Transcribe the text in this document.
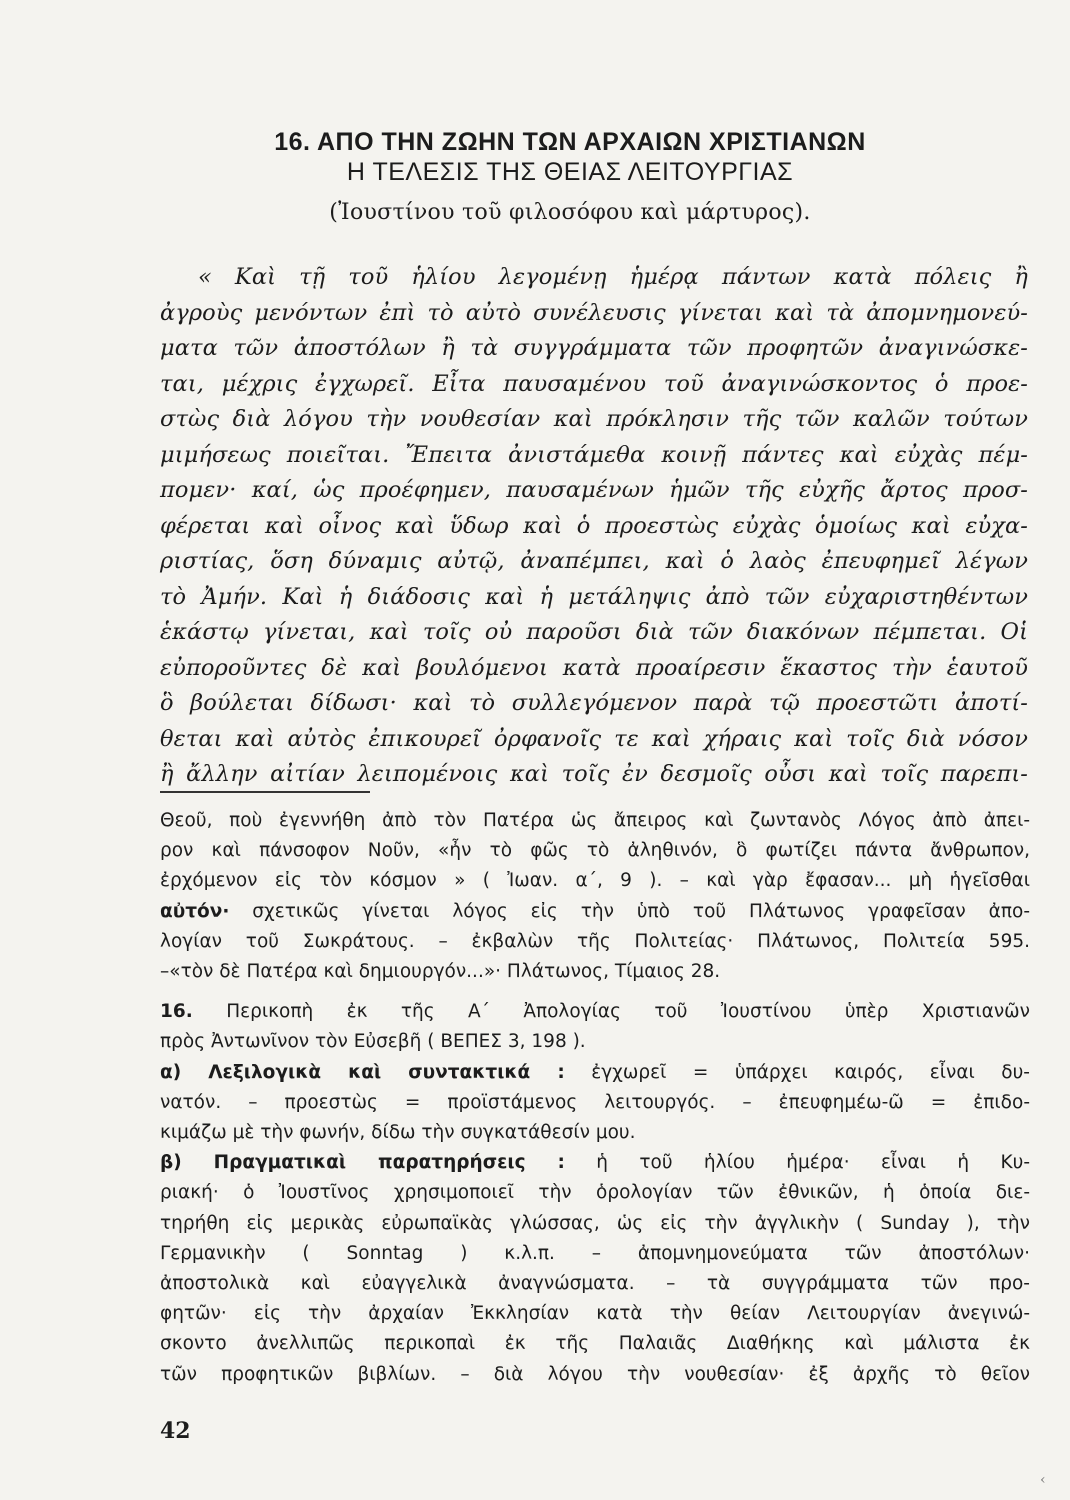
16. ΑΠΟ ΤΗΝ ΖΩΗΝ ΤΩΝ ΑΡΧΑΙΩΝ ΧΡΙΣΤΙΑΝΩΝ
Η ΤΕΛΕΣΙΣ ΤΗΣ ΘΕΙΑΣ ΛΕΙΤΟΥΡΓΙΑΣ
(Ἰουστίνου τοῦ φιλοσόφου καὶ μάρτυρος).
« Καὶ τῇ τοῦ ἡλίου λεγομένῃ ἡμέρᾳ πάντων κατὰ πόλεις ἢ
ἀγροὺς μενόντων ἐπὶ τὸ αὐτὸ συνέλευσις γίνεται καὶ τὰ ἀπομνημονεύ-
ματα τῶν ἀποστόλων ἢ τὰ συγγράμματα τῶν προφητῶν ἀναγινώσκε-
ται, μέχρις ἐγχωρεῖ. Εἶτα παυσαμένου τοῦ ἀναγινώσκοντος ὁ προε-
στὼς διὰ λόγου τὴν νουθεσίαν καὶ πρόκλησιν τῆς τῶν καλῶν τούτων
μιμήσεως ποιεῖται. Ἔπειτα ἀνιστάμεθα κοινῇ πάντες καὶ εὐχὰς πέμ-
πομεν· καί, ὡς προέφημεν, παυσαμένων ἡμῶν τῆς εὐχῆς ἄρτος προσ-
φέρεται καὶ οἶνος καὶ ὕδωρ καὶ ὁ προεστὼς εὐχὰς ὁμοίως καὶ εὐχα-
ριστίας, ὅση δύναμις αὐτῷ, ἀναπέμπει, καὶ ὁ λαὸς ἐπευφημεῖ λέγων
τὸ Ἀμήν. Καὶ ἡ διάδοσις καὶ ἡ μετάληψις ἀπὸ τῶν εὐχαριστηθέντων
ἑκάστῳ γίνεται, καὶ τοῖς οὐ παροῦσι διὰ τῶν διακόνων πέμπεται. Οἱ
εὐποροῦντες δὲ καὶ βουλόμενοι κατὰ προαίρεσιν ἕκαστος τὴν ἑαυτοῦ
ὃ βούλεται δίδωσι· καὶ τὸ συλλεγόμενον παρὰ τῷ προεστῶτι ἀποτί-
θεται καὶ αὐτὸς ἐπικουρεῖ ὀρφανοῖς τε καὶ χήραις καὶ τοῖς διὰ νόσον
ἢ ἄλλην αἰτίαν λειπομένοις καὶ τοῖς ἐν δεσμοῖς οὖσι καὶ τοῖς παρεπι-
Θεοῦ, ποὺ ἐγεννήθη ἀπὸ τὸν Πατέρα ὡς ἄπειρος καὶ ζωντανὸς Λόγος ἀπὸ ἀπει-
ρον καὶ πάνσοφον Νοῦν, «ἦν τὸ φῶς τὸ ἀληθινόν, ὃ φωτίζει πάντα ἄνθρωπον,
ἐρχόμενον εἰς τὸν κόσμον » ( Ἰωαν. α΄, 9 ). – καὶ γὰρ ἔφασαν... μὴ ἡγεῖσθαι
αὐτόν· σχετικῶς γίνεται λόγος εἰς τὴν ὑπὸ τοῦ Πλάτωνος γραφεῖσαν ἀπο-
λογίαν τοῦ Σωκράτους. – ἐκβαλὼν τῆς Πολιτείας· Πλάτωνος, Πολιτεία 595.
–«τὸν δὲ Πατέρα καὶ δημιουργόν...»· Πλάτωνος, Τίμαιος 28.
16. Περικοπὴ ἐκ τῆς Α΄ Ἀπολογίας τοῦ Ἰουστίνου ὑπὲρ Χριστιανῶν
πρὸς Ἀντωνῖνον τὸν Εὐσεβῆ ( ΒΕΠΕΣ 3, 198 ).
α) Λεξιλογικὰ καὶ συντακτικά : ἐγχωρεῖ = ὑπάρχει καιρός, εἶναι δυ-
νατόν. – προεστὼς = προϊστάμενος λειτουργός. – ἐπευφημέω-ῶ = ἐπιδο-
κιμάζω μὲ τὴν φωνήν, δίδω τὴν συγκατάθεσίν μου.
β) Πραγματικαὶ παρατηρήσεις : ἡ τοῦ ἡλίου ἡμέρα· εἶναι ἡ Κυ-
ριακή· ὁ Ἰουστῖνος χρησιμοποιεῖ τὴν ὁρολογίαν τῶν ἐθνικῶν, ἡ ὁποία διε-
τηρήθη εἰς μερικὰς εὐρωπαϊκὰς γλώσσας, ὡς εἰς τὴν ἀγγλικὴν ( Sunday ), τὴν
Γερμανικὴν ( Sonntag ) κ.λ.π. – ἀπομνημονεύματα τῶν ἀποστόλων·
ἀποστολικὰ καὶ εὐαγγελικὰ ἀναγνώσματα. – τὰ συγγράμματα τῶν προ-
φητῶν· εἰς τὴν ἀρχαίαν Ἐκκλησίαν κατὰ τὴν θείαν Λειτουργίαν ἀνεγινώ-
σκοντο ἀνελλιπῶς περικοπαὶ ἐκ τῆς Παλαιᾶς Διαθήκης καὶ μάλιστα ἐκ
τῶν προφητικῶν βιβλίων. – διὰ λόγου τὴν νουθεσίαν· ἐξ ἀρχῆς τὸ θεῖον
42
‹
